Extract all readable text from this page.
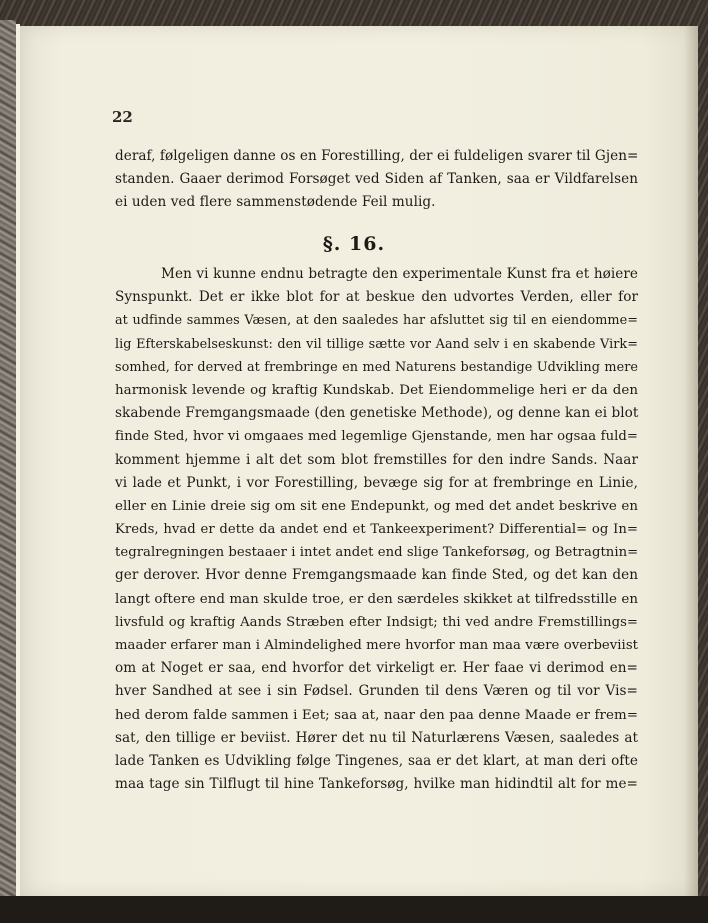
22
deraf, følgeligen danne os en Forestilling, der ei fuldeligen svarer til Gjen=
standen. Gaaer derimod Forsøget ved Siden af Tanken, saa er Vildfarelsen
ei uden ved flere sammenstødende Feil mulig.
§. 16.
Men vi kunne endnu betragte den experimentale Kunst fra et høiere
Synspunkt. Det er ikke blot for at beskue den udvortes Verden, eller for
at udfinde sammes Væsen, at den saaledes har afsluttet sig til en eiendomme=
lig Efterskabelseskunst: den vil tillige sætte vor Aand selv i en skabende Virk=
somhed, for derved at frembringe en med Naturens bestandige Udvikling mere
harmonisk levende og kraftig Kundskab. Det Eiendommelige heri er da den
skabende Fremgangsmaade (den genetiske Methode), og denne kan ei blot
finde Sted, hvor vi omgaaes med legemlige Gjenstande, men har ogsaa fuld=
komment hjemme i alt det som blot fremstilles for den indre Sands. Naar
vi lade et Punkt, i vor Forestilling, bevæge sig for at frembringe en Linie,
eller en Linie dreie sig om sit ene Endepunkt, og med det andet beskrive en
Kreds, hvad er dette da andet end et Tankeexperiment? Differential= og In=
tegralregningen bestaaer i intet andet end slige Tankeforsøg, og Betragtnin=
ger derover. Hvor denne Fremgangsmaade kan finde Sted, og det kan den
langt oftere end man skulde troe, er den særdeles skikket at tilfredsstille en
livsfuld og kraftig Aands Stræben efter Indsigt; thi ved andre Fremstillings=
maader erfarer man i Almindelighed mere hvorfor man maa være overbeviist
om at Noget er saa, end hvorfor det virkeligt er. Her faae vi derimod en=
hver Sandhed at see i sin Fødsel. Grunden til dens Væren og til vor Vis=
hed derom falde sammen i Eet; saa at, naar den paa denne Maade er frem=
sat, den tillige er beviist. Hører det nu til Naturlærens Væsen, saaledes at
lade Tanken es Udvikling følge Tingenes, saa er det klart, at man deri ofte
maa tage sin Tilflugt til hine Tankeforsøg, hvilke man hidindtil alt for me=
